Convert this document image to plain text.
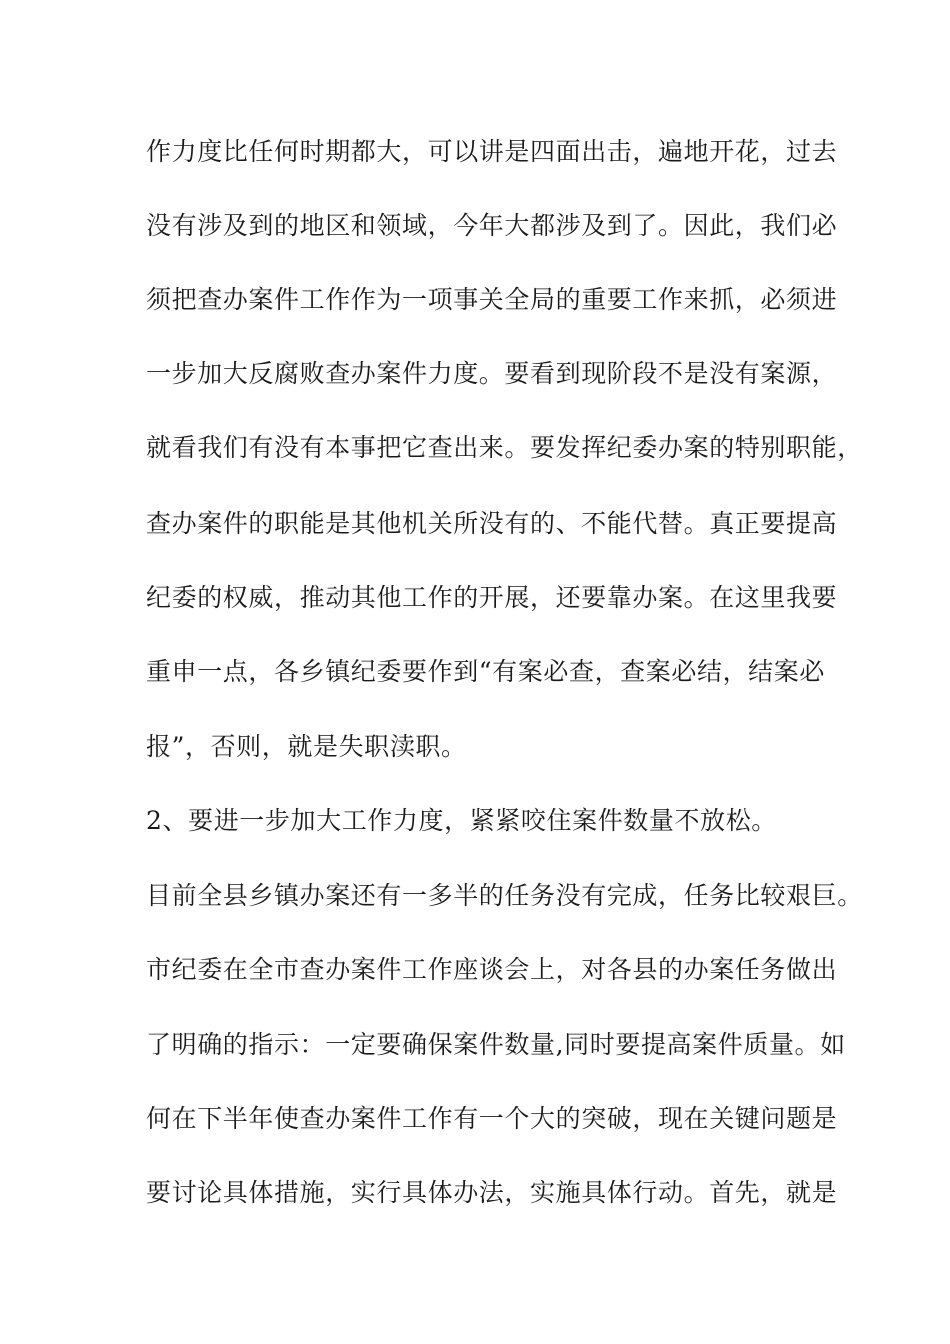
作力度比任何时期都大，可以讲是四面出击，遍地开花，过去
没有涉及到的地区和领域，今年大都涉及到了。因此，我们必
须把查办案件工作作为一项事关全局的重要工作来抓，必须进
一步加大反腐败查办案件力度。要看到现阶段不是没有案源，
就看我们有没有本事把它查出来。要发挥纪委办案的特别职能，
查办案件的职能是其他机关所没有的、不能代替。真正要提高
纪委的权威，推动其他工作的开展，还要靠办案。在这里我要
重申一点，各乡镇纪委要作到“有案必查，查案必结，结案必
报”，否则，就是失职渎职。
2、要进一步加大工作力度，紧紧咬住案件数量不放松。
目前全县乡镇办案还有一多半的任务没有完成，任务比较艰巨。
市纪委在全市查办案件工作座谈会上，对各县的办案任务做出
了明确的指示：一定要确保案件数量,同时要提高案件质量。如
何在下半年使查办案件工作有一个大的突破，现在关键问题是
要讨论具体措施，实行具体办法，实施具体行动。首先，就是
